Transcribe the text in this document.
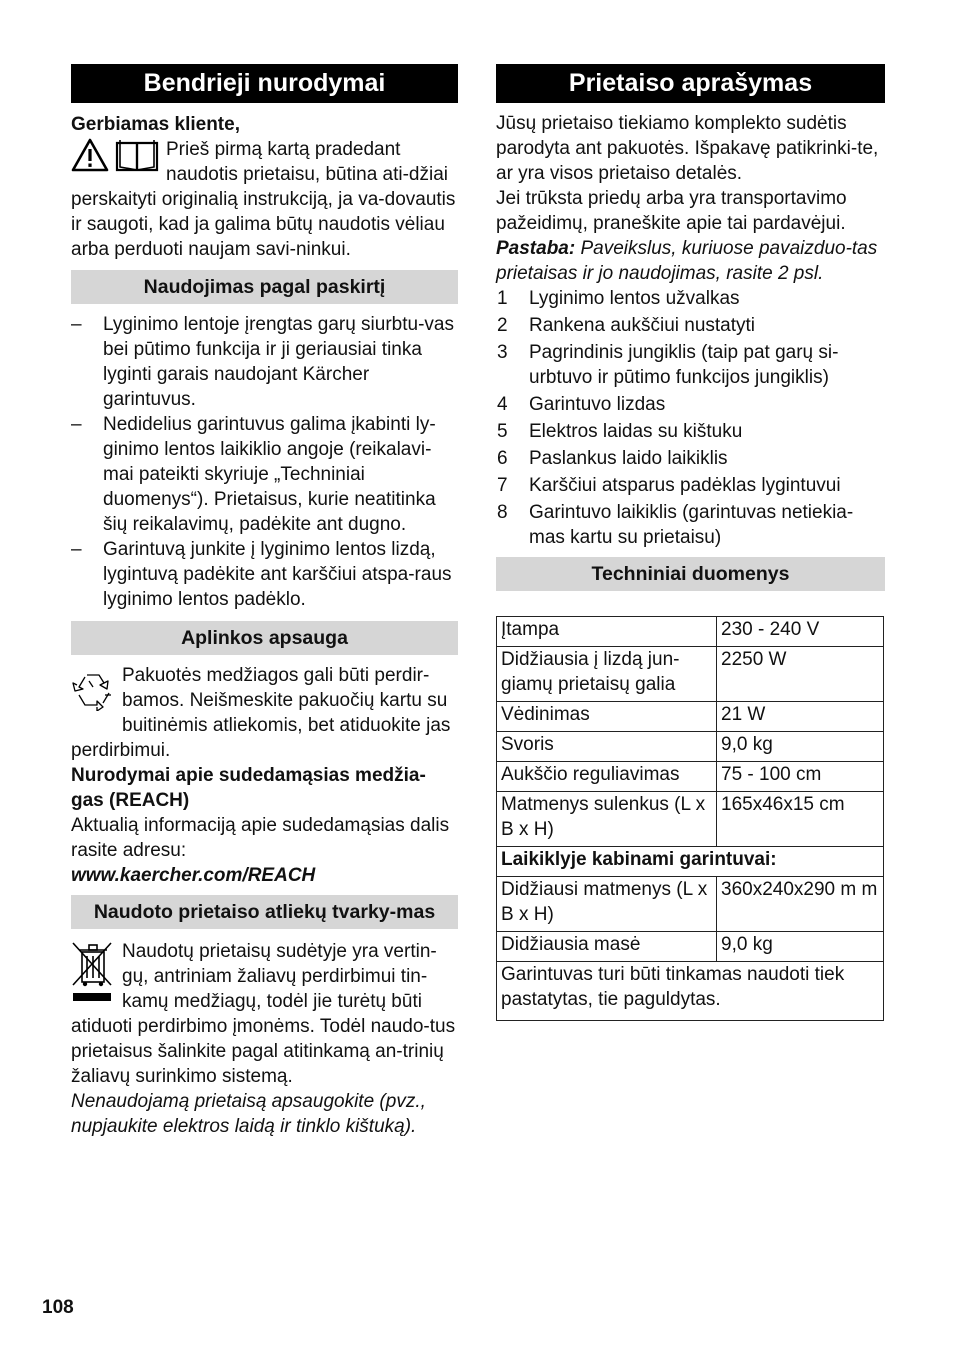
Bendrieji nurodymai
Gerbiamas kliente,
Prieš pirmą kartą pradedant naudotis prietaisu, būtina ati-džiai perskaityti originalią instrukciją, ja va-dovautis ir saugoti, kad ja galima būtų naudotis vėliau arba perduoti naujam savi-ninkui.
Naudojimas pagal paskirtį
– Lyginimo lentoje įrengtas garų siurbtu-vas bei pūtimo funkcija ir ji geriausiai tinka lyginti garais naudojant Kärcher garintuvus.
– Nedidelius garintuvus galima įkabinti ly-ginimo lentos laikiklio angoje (reikalavi-mai pateikti skyriuje „Techniniai duomenys“). Prietaisus, kurie neatitinka šių reikalavimų, padėkite ant dugno.
– Garintuvą junkite į lyginimo lentos lizdą, lygintuvą padėkite ant karščiui atspa-raus lyginimo lentos padėklo.
Aplinkos apsauga
Pakuotės medžiagos gali būti perdir-bamos. Neišmeskite pakuočių kartu su buitinėmis atliekomis, bet atiduokite jas perdirbimui.
Nurodymai apie sudedamąsias medžia-gas (REACH)
Aktualią informaciją apie sudedamąsias dalis rasite adresu:
www.kaercher.com/REACH
Naudoto prietaiso atliekų tvarky-mas
Naudotų prietaisų sudėtyje yra vertin-gų, antriniam žaliavų perdirbimui tin-kamų medžiagų, todėl jie turėtų būti atiduoti perdirbimo įmonėms. Todėl naudo-tus prietaisus šalinkite pagal atitinkamą an-trinių žaliavų surinkimo sistemą.
Nenaudojamą prietaisą apsaugokite (pvz., nupjaukite elektros laidą ir tinklo kištuką).
Prietaiso aprašymas
Jūsų prietaiso tiekiamo komplekto sudėtis parodyta ant pakuotės. Išpakavę patikrinki-te, ar yra visos prietaiso detalės.
Jei trūksta priedų arba yra transportavimo pažeidimų, praneškite apie tai pardavėjui.
Pastaba: Paveikslus, kuriuose pavaizduo-tas prietaisas ir jo naudojimas, rasite 2 psl.
1 Lyginimo lentos užvalkas
2 Rankena aukščiui nustatyti
3 Pagrindinis jungiklis (taip pat garų si-urbtuvo ir pūtimo funkcijos jungiklis)
4 Garintuvo lizdas
5 Elektros laidas su kištuku
6 Paslankus laido laikiklis
7 Karščiui atsparus padėklas lygintuvui
8 Garintuvo laikiklis (garintuvas netiekia-mas kartu su prietaisu)
Techniniai duomenys
Įtampa	230 - 240 V
Didžiausia į lizdą jun-giamų prietaisų galia	2250 W
Vėdinimas	21 W
Svoris	9,0 kg
Aukščio reguliavimas	75 - 100 cm
Matmenys sulenkus (L x B x H)	165x46x15 cm
Laikiklyje kabinami garintuvai:	
Didžiausi matmenys (L x B x H)	360x240x290 m m
Didžiausia masė	9,0 kg
Garintuvas turi būti tinkamas naudoti tiek pastatytas, tie paguldytas.	
108
